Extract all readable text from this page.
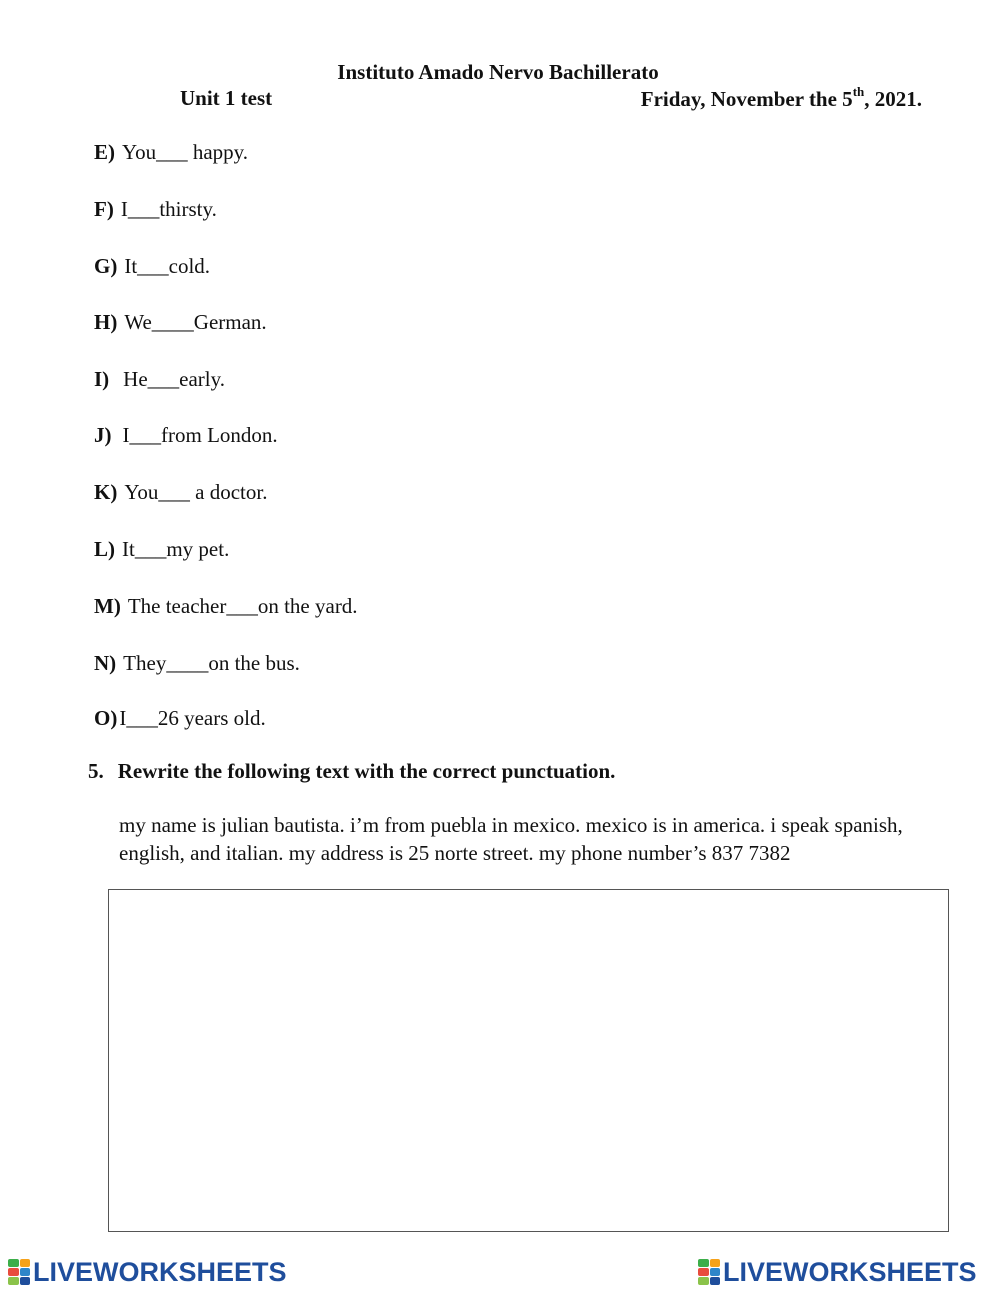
Instituto Amado Nervo Bachillerato
Unit 1 test	Friday, November the 5th, 2021.
E) You___ happy.
F) I___thirsty.
G) It___cold.
H) We____German.
I) He___early.
J) I___from London.
K) You___ a doctor.
L) It___my pet.
M) The teacher___on the yard.
N) They____on the bus.
O)I___26 years old.
5. Rewrite the following text with the correct punctuation.
my name is julian bautista. i’m from puebla in mexico. mexico is in america. i speak spanish, english, and italian. my address is 25 norte street. my phone number’s 837 7382
LIVEWORKSHEETS	LIVEWORKSHEETS
